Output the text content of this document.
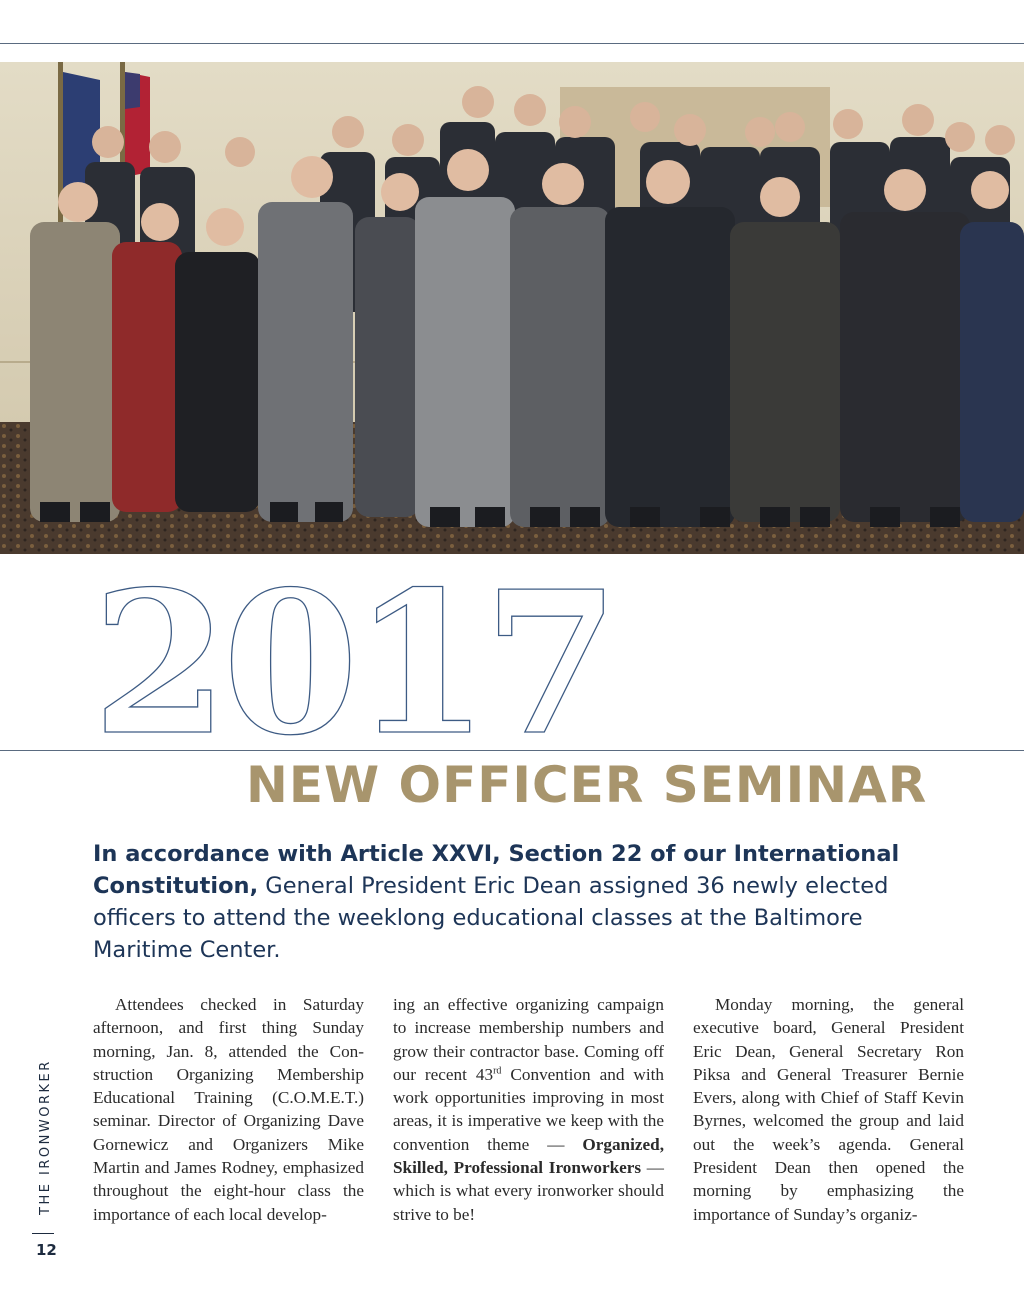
2017
NEW OFFICER SEMINAR

In accordance with Article XXVI, Section 22 of our International Constitution, General President Eric Dean assigned 36 newly elected officers to attend the weeklong educational classes at the Baltimore Maritime Center.

Attendees checked in Saturday afternoon, and first thing Sunday morning, Jan. 8, attended the Construction Organizing Membership Educational Training (C.O.M.E.T.) seminar. Director of Organizing Dave Gornewicz and Organizers Mike Martin and James Rodney, emphasized throughout the eight-hour class the importance of each local develop-

ing an effective organizing campaign to increase membership numbers and grow their contractor base. Coming off our recent 43rd Convention and with work opportunities improving in most areas, it is imperative we keep with the convention theme — Organized, Skilled, Professional Ironworkers — which is what every ironworker should strive to be!

Monday morning, the general executive board, General President Eric Dean, General Secretary Ron Piksa and General Treasurer Bernie Evers, along with Chief of Staff Kevin Byrnes, welcomed the group and laid out the week’s agenda. General President Dean then opened the morning by emphasizing the importance of Sunday’s organiz-

THE IRONWORKER
12
